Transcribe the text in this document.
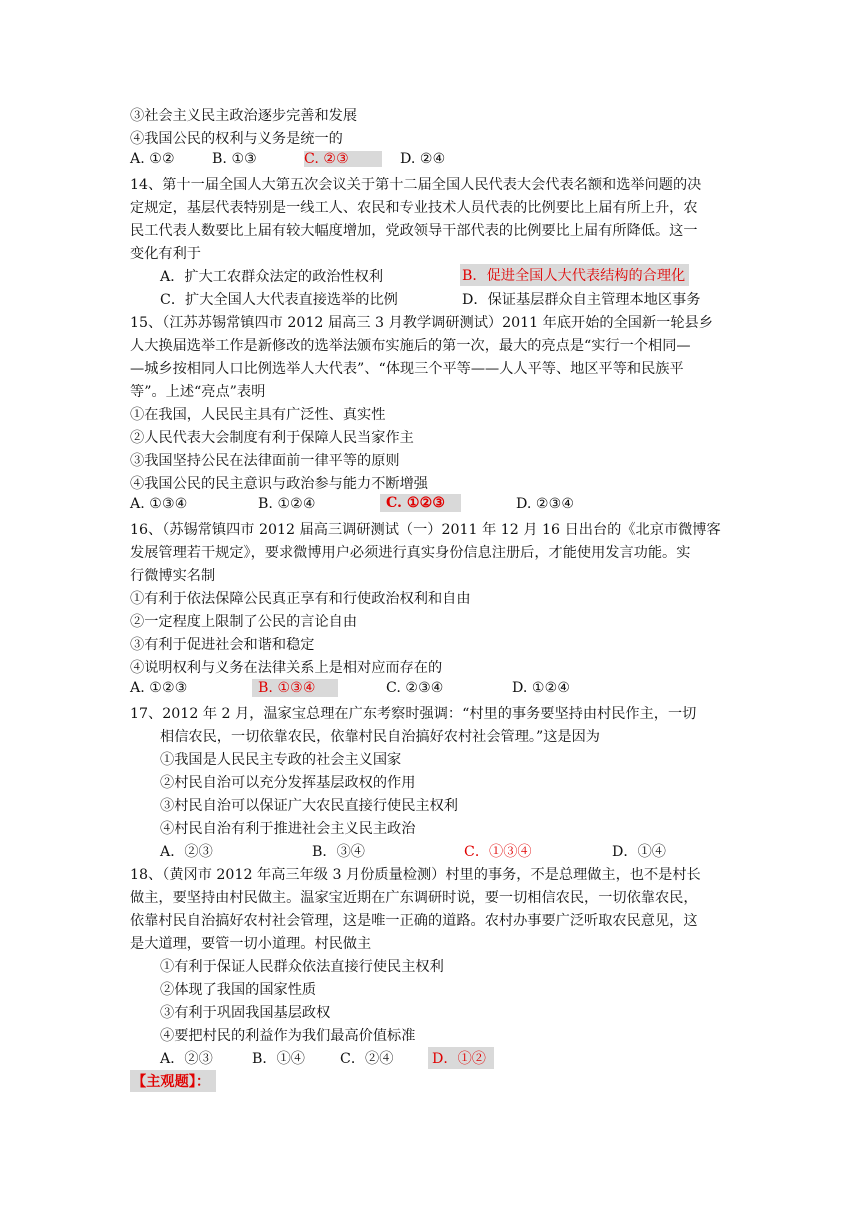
③社会主义民主政治逐步完善和发展
④我国公民的权利与义务是统一的
A. ①②	B. ①③	C. ②③	D. ②④
14、第十一届全国人大第五次会议关于第十二届全国人民代表大会代表名额和选举问题的决
定规定，基层代表特别是一线工人、农民和专业技术人员代表的比例要比上届有所上升，农
民工代表人数要比上届有较大幅度增加，党政领导干部代表的比例要比上届有所降低。这一
变化有利于
A．扩大工农群众法定的政治性权利	B．促进全国人大代表结构的合理化
C．扩大全国人大代表直接选举的比例	D．保证基层群众自主管理本地区事务
15、（江苏苏锡常镇四市 2012 届高三 3 月教学调研测试）2011 年底开始的全国新一轮县乡
人大换届选举工作是新修改的选举法颁布实施后的第一次，最大的亮点是“实行一个相同—
—城乡按相同人口比例选举人大代表”、“体现三个平等——人人平等、地区平等和民族平
等”。上述“亮点”表明
①在我国，人民民主具有广泛性、真实性
②人民代表大会制度有利于保障人民当家作主
③我国坚持公民在法律面前一律平等的原则
④我国公民的民主意识与政治参与能力不断增强
A. ①③④	B. ①②④	C. ①②③	D. ②③④
16、（苏锡常镇四市 2012 届高三调研测试（一）2011 年 12 月 16 日出台的《北京市微博客
发展管理若干规定》，要求微博用户必须进行真实身份信息注册后，才能使用发言功能。实
行微博实名制
①有利于依法保障公民真正享有和行使政治权利和自由
②一定程度上限制了公民的言论自由
③有利于促进社会和谐和稳定
④说明权利与义务在法律关系上是相对应而存在的
A. ①②③	B. ①③④	C. ②③④	D. ①②④
17、2012 年 2 月，温家宝总理在广东考察时强调：“村里的事务要坚持由村民作主，一切
相信农民，一切依靠农民，依靠村民自治搞好农村社会管理。”这是因为
①我国是人民民主专政的社会主义国家
②村民自治可以充分发挥基层政权的作用
③村民自治可以保证广大农民直接行使民主权利
④村民自治有利于推进社会主义民主政治
A．②③	B．③④	C．①③④	D．①④
18、（黄冈市 2012 年高三年级 3 月份质量检测）村里的事务，不是总理做主，也不是村长
做主，要坚持由村民做主。温家宝近期在广东调研时说，要一切相信农民，一切依靠农民，
依靠村民自治搞好农村社会管理，这是唯一正确的道路。农村办事要广泛听取农民意见，这
是大道理，要管一切小道理。村民做主
①有利于保证人民群众依法直接行使民主权利
②体现了我国的国家性质
③有利于巩固我国基层政权
④要把村民的利益作为我们最高价值标准
A．②③	B．①④ C．②④	D．①②
【主观题】：
